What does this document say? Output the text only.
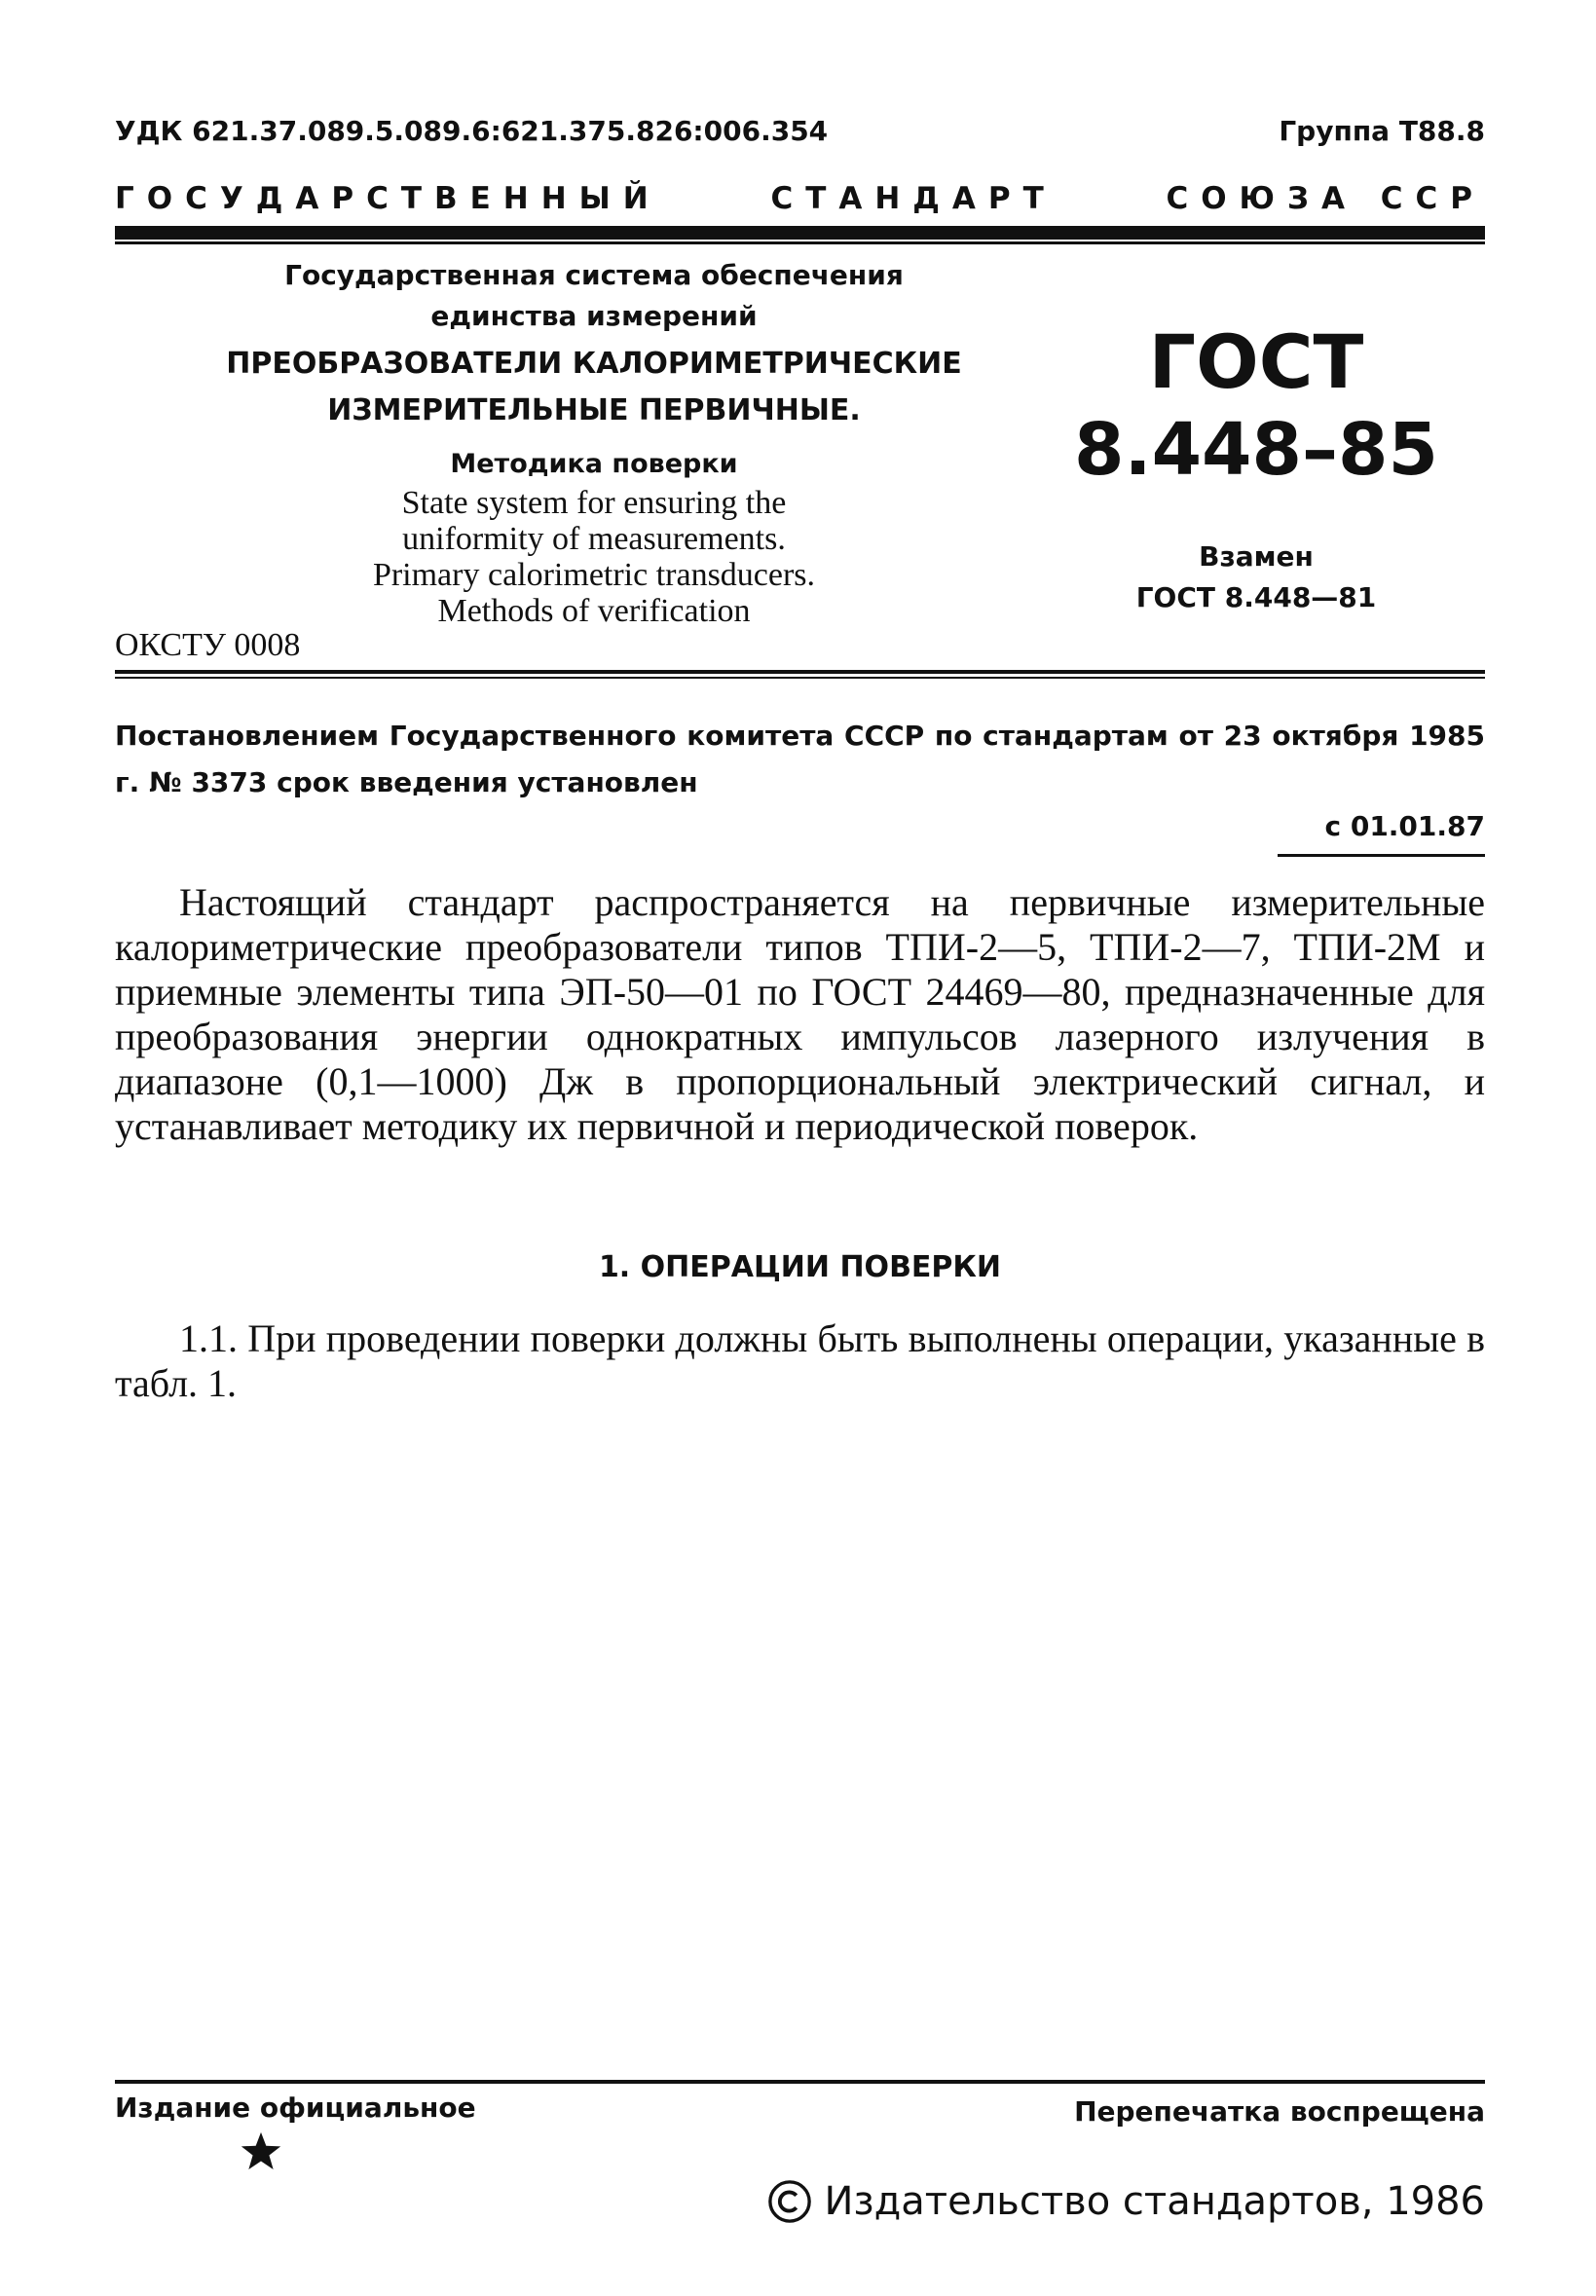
УДК 621.37.089.5.089.6:621.375.826:006.354	Группа Т88.8
ГОСУДАРСТВЕННЫЙ	СТАНДАРТ	СОЮЗА ССР
Государственная система обеспечения
единства измерений
ПРЕОБРАЗОВАТЕЛИ КАЛОРИМЕТРИЧЕСКИЕ
ИЗМЕРИТЕЛЬНЫЕ ПЕРВИЧНЫЕ.
Методика поверки
State system for ensuring the
uniformity of measurements.
Primary calorimetric transducers.
Methods of verification
ГОСТ
8.448–85
Взамен
ГОСТ 8.448—81
ОКСТУ 0008
Постановлением Государственного комитета СССР по стандартам от 23 октября 1985 г. № 3373 срок введения установлен
с 01.01.87
Настоящий стандарт распространяется на первичные измерительные калориметрические преобразователи типов ТПИ-2—5, ТПИ-2—7, ТПИ-2М и приемные элементы типа ЭП-50—01 по ГОСТ 24469—80, предназначенные для преобразования энергии однократных импульсов лазерного излучения в диапазоне (0,1—1000) Дж в пропорциональный электрический сигнал, и устанавливает методику их первичной и периодической поверок.
1. ОПЕРАЦИИ ПОВЕРКИ
1.1. При проведении поверки должны быть выполнены операции, указанные в табл. 1.
Издание официальное	Перепечатка воспрещена
Издательство стандартов, 1986
